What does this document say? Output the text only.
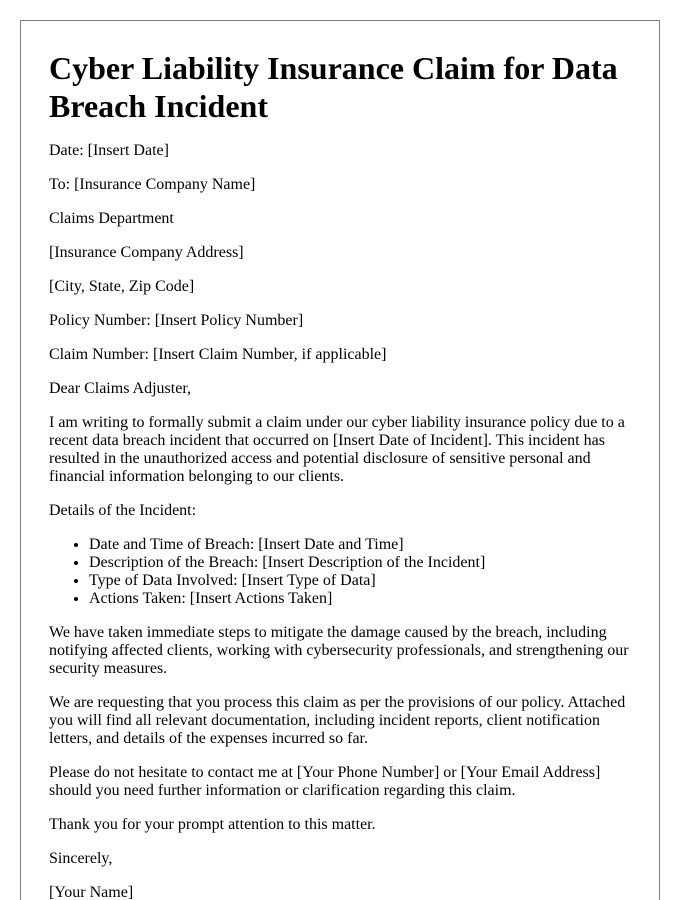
Cyber Liability Insurance Claim for Data Breach Incident

Date: [Insert Date]

To: [Insurance Company Name]

Claims Department

[Insurance Company Address]

[City, State, Zip Code]

Policy Number: [Insert Policy Number]

Claim Number: [Insert Claim Number, if applicable]

Dear Claims Adjuster,

I am writing to formally submit a claim under our cyber liability insurance policy due to a recent data breach incident that occurred on [Insert Date of Incident]. This incident has resulted in the unauthorized access and potential disclosure of sensitive personal and financial information belonging to our clients.

Details of the Incident:

• Date and Time of Breach: [Insert Date and Time]
• Description of the Breach: [Insert Description of the Incident]
• Type of Data Involved: [Insert Type of Data]
• Actions Taken: [Insert Actions Taken]

We have taken immediate steps to mitigate the damage caused by the breach, including notifying affected clients, working with cybersecurity professionals, and strengthening our security measures.

We are requesting that you process this claim as per the provisions of our policy. Attached you will find all relevant documentation, including incident reports, client notification letters, and details of the expenses incurred so far.

Please do not hesitate to contact me at [Your Phone Number] or [Your Email Address] should you need further information or clarification regarding this claim.

Thank you for your prompt attention to this matter.

Sincerely,

[Your Name]
